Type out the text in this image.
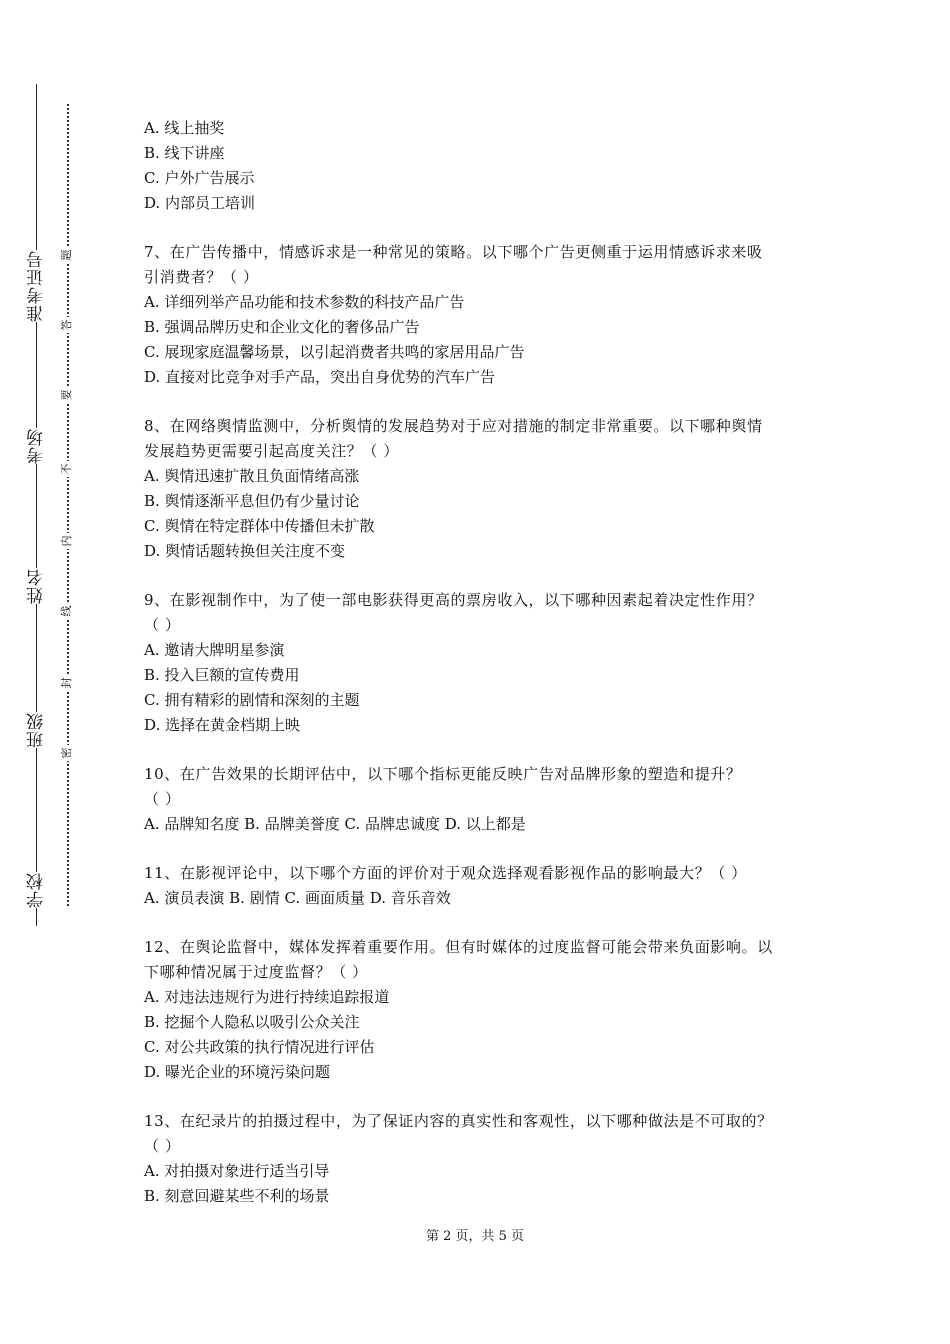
准考证号
考场
姓名
班级
学校
题
答
要
不
内
线
封
密
A. 线上抽奖
B. 线下讲座
C. 户外广告展示
D. 内部员工培训
7、在广告传播中，情感诉求是一种常见的策略。以下哪个广告更侧重于运用情感诉求来吸
引消费者？（ ）
A. 详细列举产品功能和技术参数的科技产品广告
B. 强调品牌历史和企业文化的奢侈品广告
C. 展现家庭温馨场景，以引起消费者共鸣的家居用品广告
D. 直接对比竞争对手产品，突出自身优势的汽车广告
8、在网络舆情监测中，分析舆情的发展趋势对于应对措施的制定非常重要。以下哪种舆情
发展趋势更需要引起高度关注？（ ）
A. 舆情迅速扩散且负面情绪高涨
B. 舆情逐渐平息但仍有少量讨论
C. 舆情在特定群体中传播但未扩散
D. 舆情话题转换但关注度不变
9、在影视制作中，为了使一部电影获得更高的票房收入，以下哪种因素起着决定性作用？
（ ）
A. 邀请大牌明星参演
B. 投入巨额的宣传费用
C. 拥有精彩的剧情和深刻的主题
D. 选择在黄金档期上映
10、在广告效果的长期评估中，以下哪个指标更能反映广告对品牌形象的塑造和提升？
（ ）
A. 品牌知名度 B. 品牌美誉度 C. 品牌忠诚度 D. 以上都是
11、在影视评论中，以下哪个方面的评价对于观众选择观看影视作品的影响最大？（ ）
A. 演员表演 B. 剧情 C. 画面质量 D. 音乐音效
12、在舆论监督中，媒体发挥着重要作用。但有时媒体的过度监督可能会带来负面影响。以
下哪种情况属于过度监督？（ ）
A. 对违法违规行为进行持续追踪报道
B. 挖掘个人隐私以吸引公众关注
C. 对公共政策的执行情况进行评估
D. 曝光企业的环境污染问题
13、在纪录片的拍摄过程中，为了保证内容的真实性和客观性，以下哪种做法是不可取的？
（ ）
A. 对拍摄对象进行适当引导
B. 刻意回避某些不利的场景
第 2 页，共 5 页
